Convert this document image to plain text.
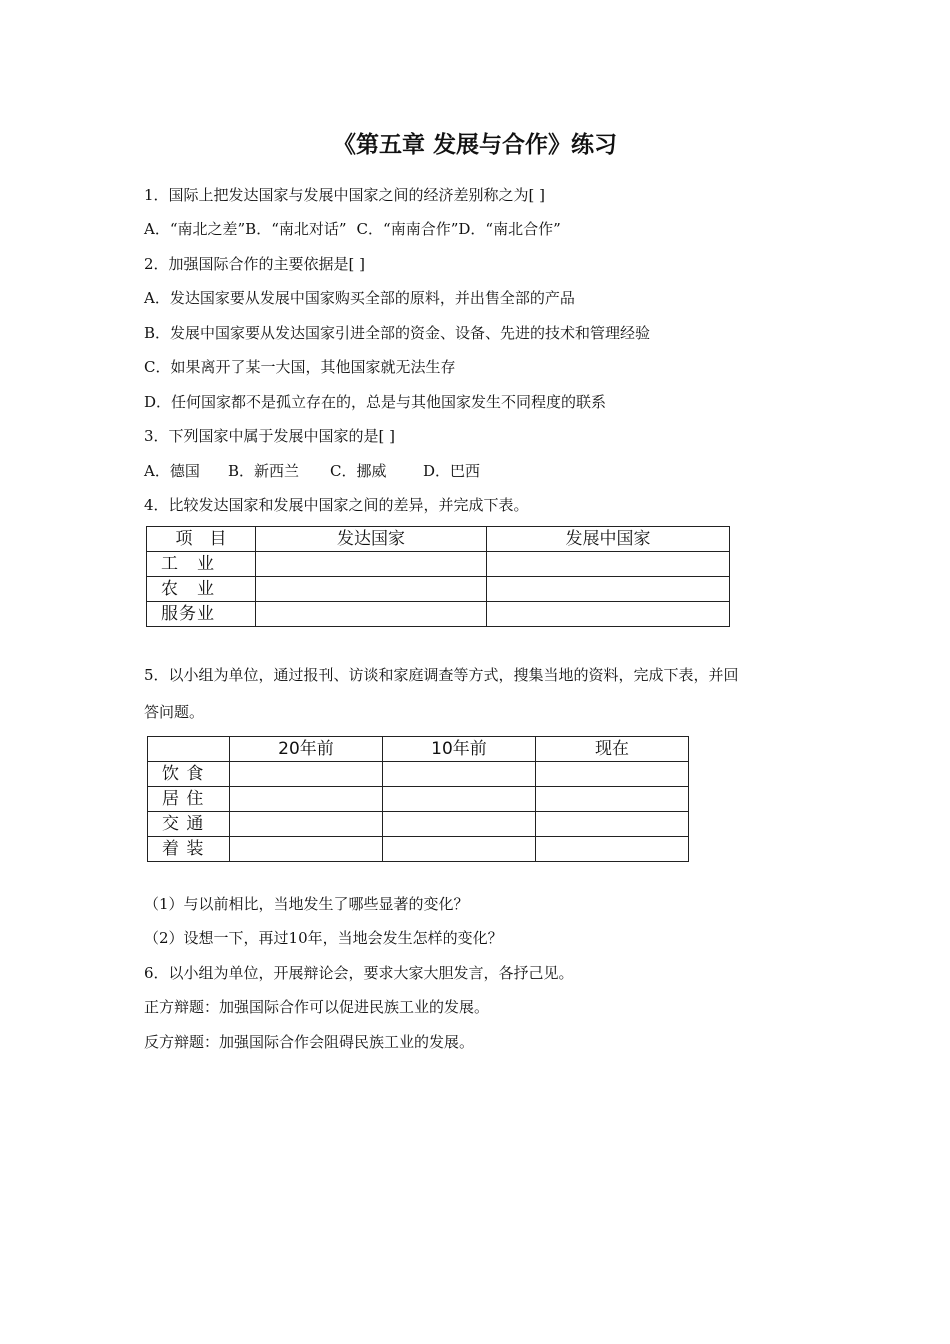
《第五章 发展与合作》练习
1．国际上把发达国家与发展中国家之间的经济差别称之为[ ]
A．“南北之差”B．“南北对话” C．“南南合作”D．“南北合作”
2．加强国际合作的主要依据是[ ]
A．发达国家要从发展中国家购买全部的原料，并出售全部的产品
B．发展中国家要从发达国家引进全部的资金、设备、先进的技术和管理经验
C．如果离开了某一大国，其他国家就无法生存
D．任何国家都不是孤立存在的，总是与其他国家发生不同程度的联系
3．下列国家中属于发展中国家的是[ ]
A．德国 B．新西兰 C．挪威 D．巴西
4．比较发达国家和发展中国家之间的差异，并完成下表。
项　目	发达国家	发展中国家
工　业		
农　业		
服务业		
5．以小组为单位，通过报刊、访谈和家庭调查等方式，搜集当地的资料，完成下表，并回
答问题。
	20年前	10年前	现在
饮 食			
居 住			
交 通			
着 装			
（1）与以前相比，当地发生了哪些显著的变化？
（2）设想一下，再过10年，当地会发生怎样的变化？
6．以小组为单位，开展辩论会，要求大家大胆发言，各抒己见。
正方辩题：加强国际合作可以促进民族工业的发展。
反方辩题：加强国际合作会阻碍民族工业的发展。
